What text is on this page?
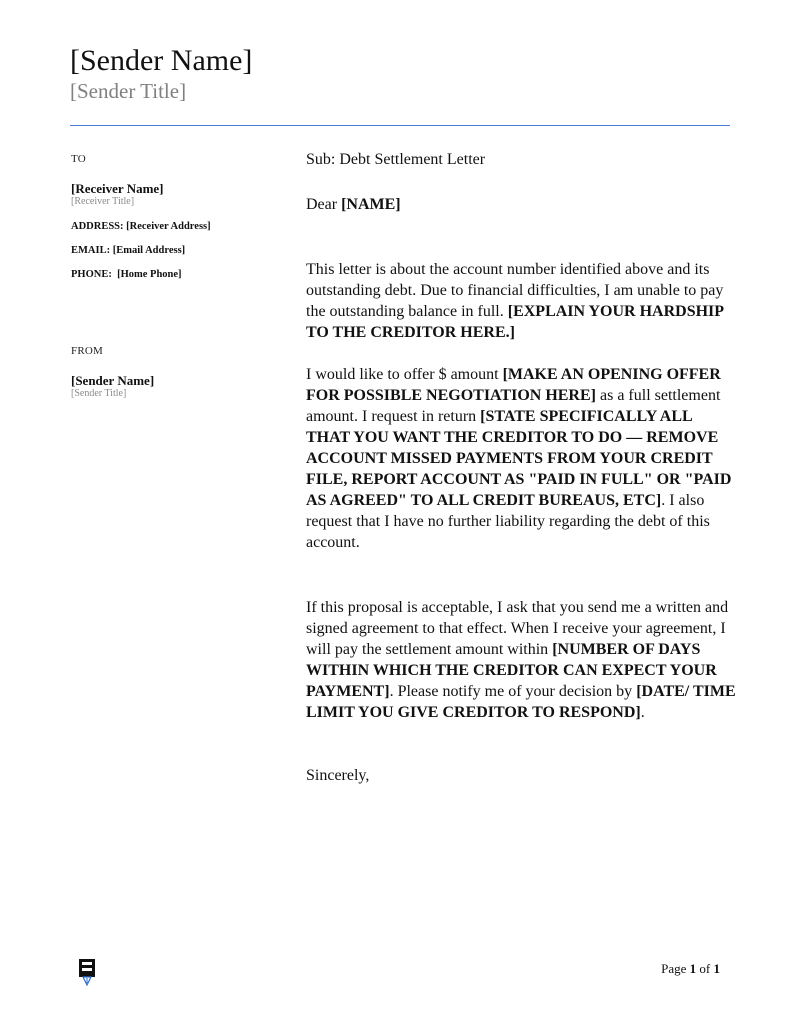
[Sender Name]
[Sender Title]
TO
[Receiver Name]
[Receiver Title]
ADDRESS: [Receiver Address]
EMAIL: [Email Address]
PHONE: [Home Phone]
FROM
[Sender Name]
[Sender Title]
Sub: Debt Settlement Letter
Dear [NAME]

This letter is about the account number identified above and its outstanding debt. Due to financial difficulties, I am unable to pay the outstanding balance in full. [EXPLAIN YOUR HARDSHIP TO THE CREDITOR HERE.]

I would like to offer $ amount [MAKE AN OPENING OFFER FOR POSSIBLE NEGOTIATION HERE] as a full settlement amount. I request in return [STATE SPECIFICALLY ALL THAT YOU WANT THE CREDITOR TO DO — REMOVE ACCOUNT MISSED PAYMENTS FROM YOUR CREDIT FILE, REPORT ACCOUNT AS "PAID IN FULL" OR "PAID AS AGREED" TO ALL CREDIT BUREAUS, ETC]. I also request that I have no further liability regarding the debt of this account.

If this proposal is acceptable, I ask that you send me a written and signed agreement to that effect. When I receive your agreement, I will pay the settlement amount within [NUMBER OF DAYS WITHIN WHICH THE CREDITOR CAN EXPECT YOUR PAYMENT]. Please notify me of your decision by [DATE/ TIME LIMIT YOU GIVE CREDITOR TO RESPOND].

Sincerely,
Page 1 of 1
